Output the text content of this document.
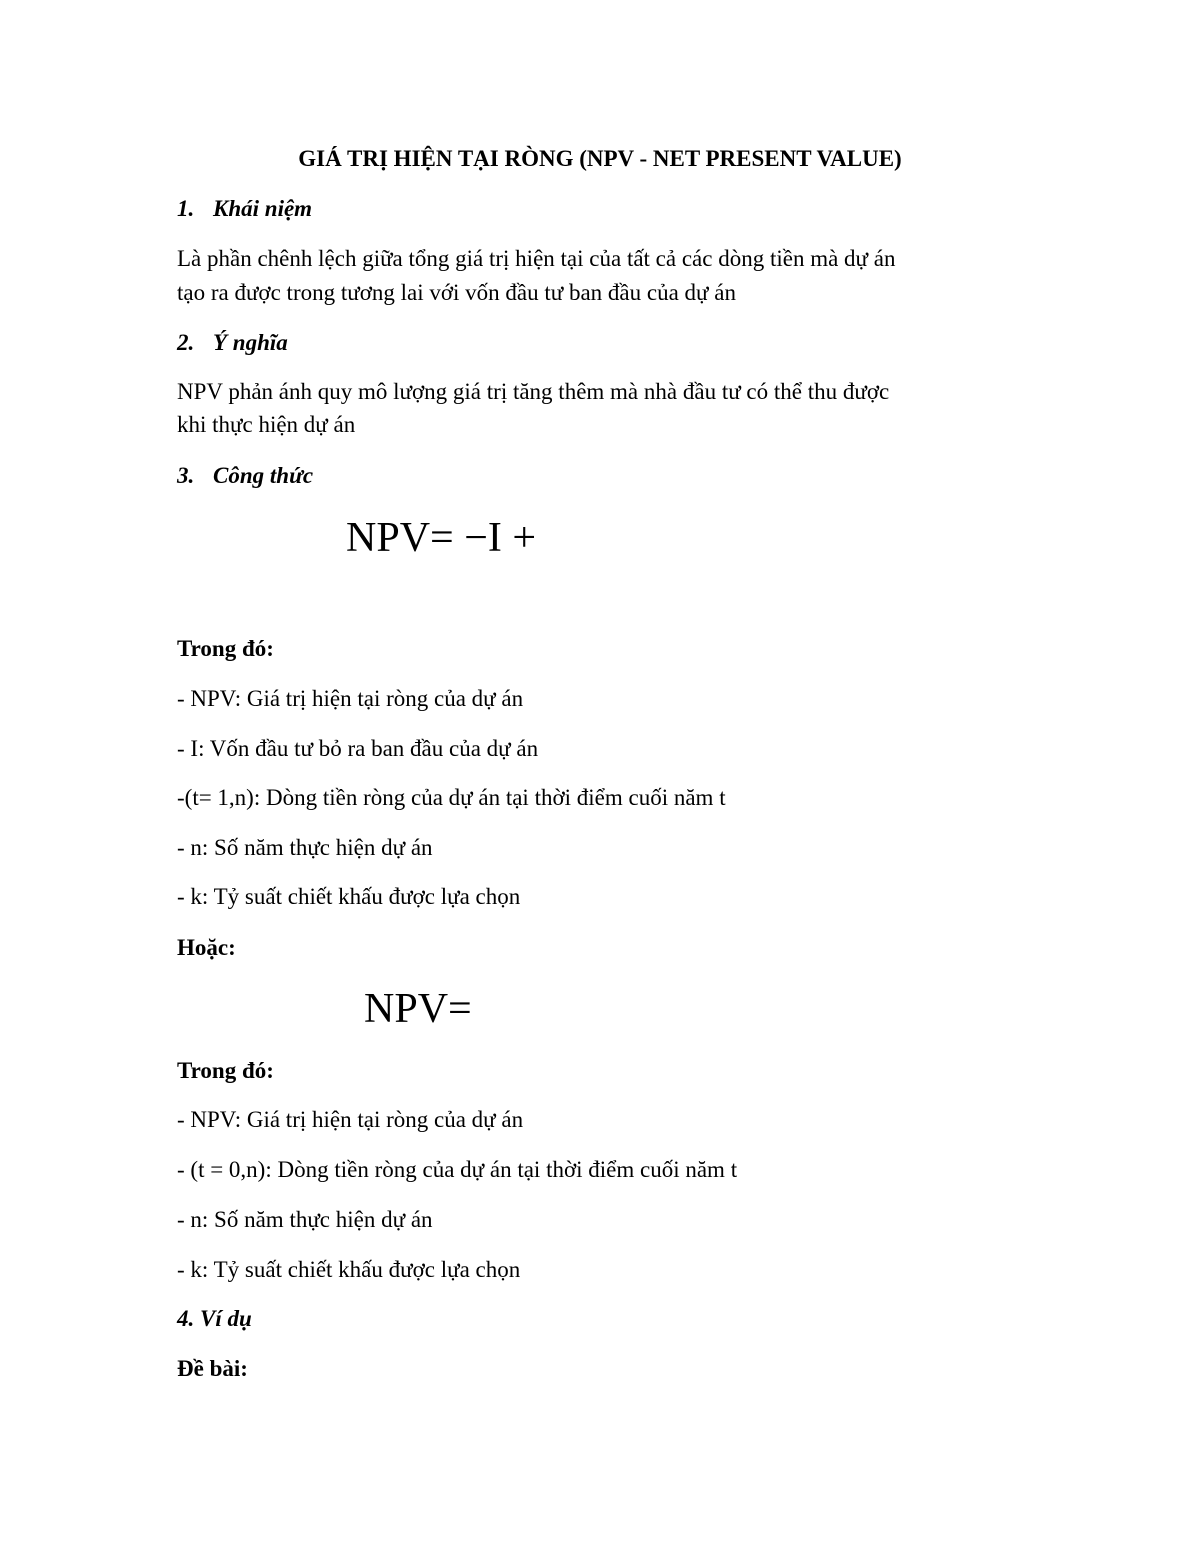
GIÁ TRỊ HIỆN TẠI RÒNG (NPV - NET PRESENT VALUE)
1. Khái niệm
Là phần chênh lệch giữa tổng giá trị hiện tại của tất cả các dòng tiền mà dự án
tạo ra được trong tương lai với vốn đầu tư ban đầu của dự án
2. Ý nghĩa
NPV phản ánh quy mô lượng giá trị tăng thêm mà nhà đầu tư có thể thu được
khi thực hiện dự án
3. Công thức
NPV= −I +
Trong đó:
- NPV: Giá trị hiện tại ròng của dự án
- I: Vốn đầu tư bỏ ra ban đầu của dự án
-(t= 1,n): Dòng tiền ròng của dự án tại thời điểm cuối năm t
- n: Số năm thực hiện dự án
- k: Tỷ suất chiết khấu được lựa chọn
Hoặc:
NPV=
Trong đó:
- NPV: Giá trị hiện tại ròng của dự án
- (t = 0,n): Dòng tiền ròng của dự án tại thời điểm cuối năm t
- n: Số năm thực hiện dự án
- k: Tỷ suất chiết khấu được lựa chọn
4. Ví dụ
Đề bài:
